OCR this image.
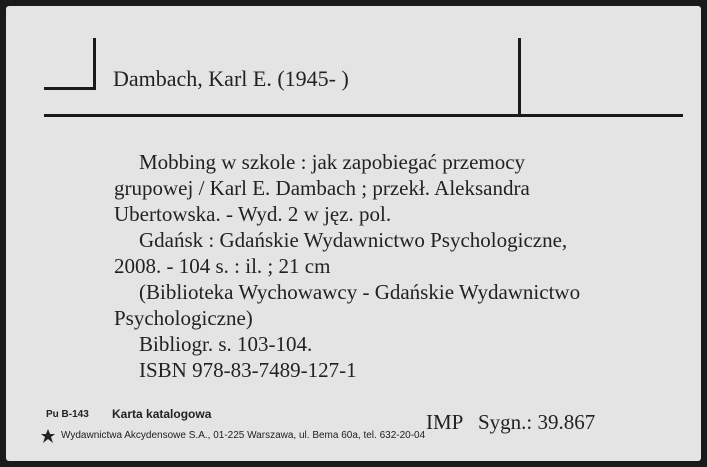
Dambach, Karl E. (1945- )
Mobbing w szkole : jak zapobiegać przemocy
grupowej / Karl E. Dambach ; przekł. Aleksandra
Ubertowska. - Wyd. 2 w jęz. pol.
Gdańsk : Gdańskie Wydawnictwo Psychologiczne,
2008. - 104 s. : il. ; 21 cm
(Biblioteka Wychowawcy - Gdańskie Wydawnictwo
Psychologiczne)
Bibliogr. s. 103-104.
ISBN 978-83-7489-127-1
Pu B-143 Karta katalogowa
Wydawnictwa Akcydensowe S.A., 01-225 Warszawa, ul. Bema 60a, tel. 632-20-04
IMP Sygn.: 39.867
